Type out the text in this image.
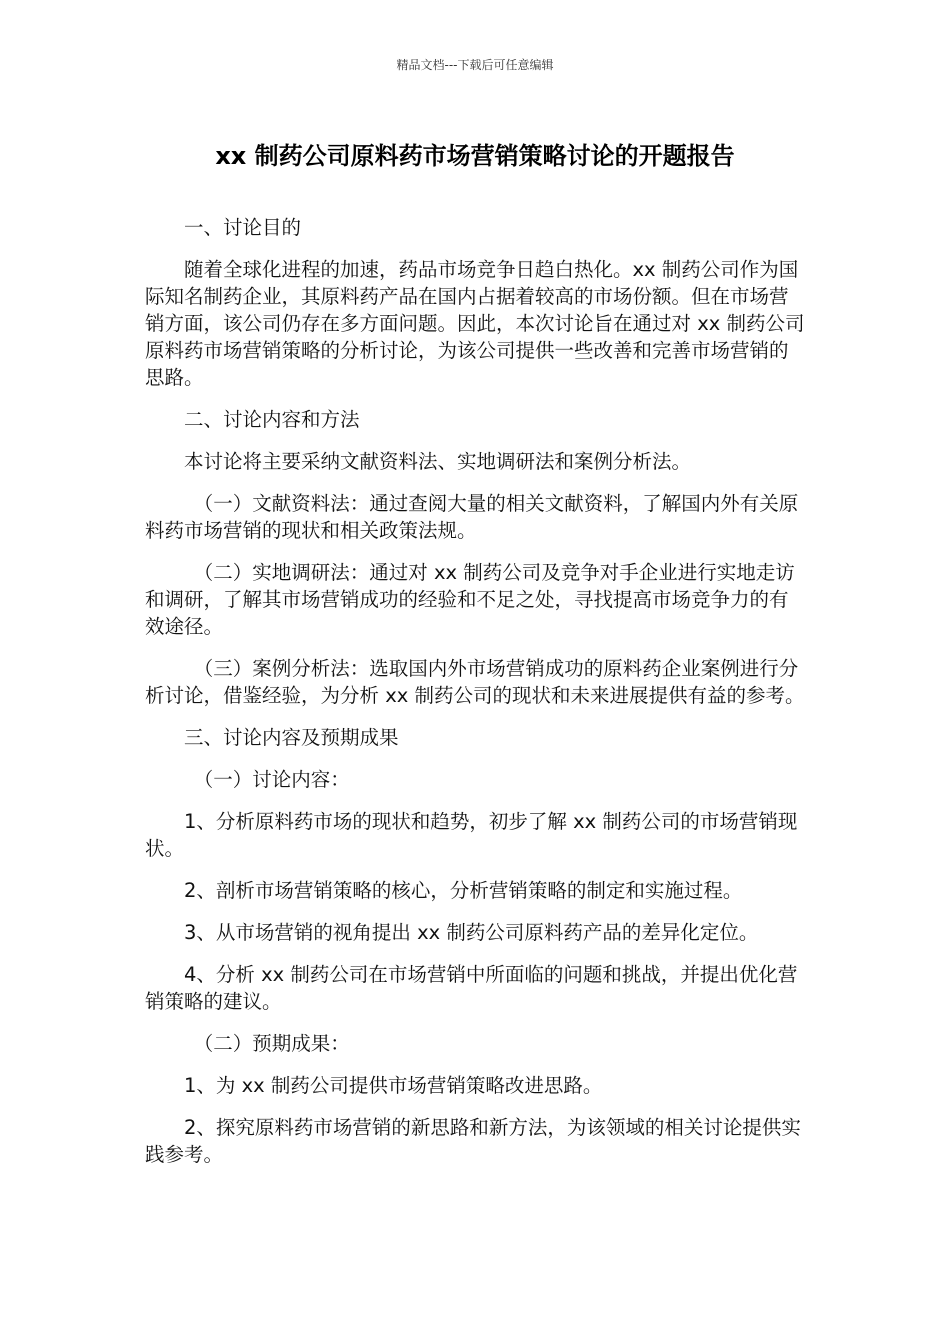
精品文档---下载后可任意编辑
xx 制药公司原料药市场营销策略讨论的开题报告

一、讨论目的

随着全球化进程的加速，药品市场竞争日趋白热化。xx 制药公司作为国际知名制药企业，其原料药产品在国内占据着较高的市场份额。但在市场营销方面，该公司仍存在多方面问题。因此，本次讨论旨在通过对 xx 制药公司原料药市场营销策略的分析讨论，为该公司提供一些改善和完善市场营销的思路。

二、讨论内容和方法

本讨论将主要采纳文献资料法、实地调研法和案例分析法。

（一）文献资料法：通过查阅大量的相关文献资料，了解国内外有关原料药市场营销的现状和相关政策法规。

（二）实地调研法：通过对 xx 制药公司及竞争对手企业进行实地走访和调研，了解其市场营销成功的经验和不足之处，寻找提高市场竞争力的有效途径。

（三）案例分析法：选取国内外市场营销成功的原料药企业案例进行分析讨论，借鉴经验，为分析 xx 制药公司的现状和未来进展提供有益的参考。

三、讨论内容及预期成果

（一）讨论内容：

1、分析原料药市场的现状和趋势，初步了解 xx 制药公司的市场营销现状。

2、剖析市场营销策略的核心，分析营销策略的制定和实施过程。

3、从市场营销的视角提出 xx 制药公司原料药产品的差异化定位。

4、分析 xx 制药公司在市场营销中所面临的问题和挑战，并提出优化营销策略的建议。

（二）预期成果：

1、为 xx 制药公司提供市场营销策略改进思路。

2、探究原料药市场营销的新思路和新方法，为该领域的相关讨论提供实践参考。
